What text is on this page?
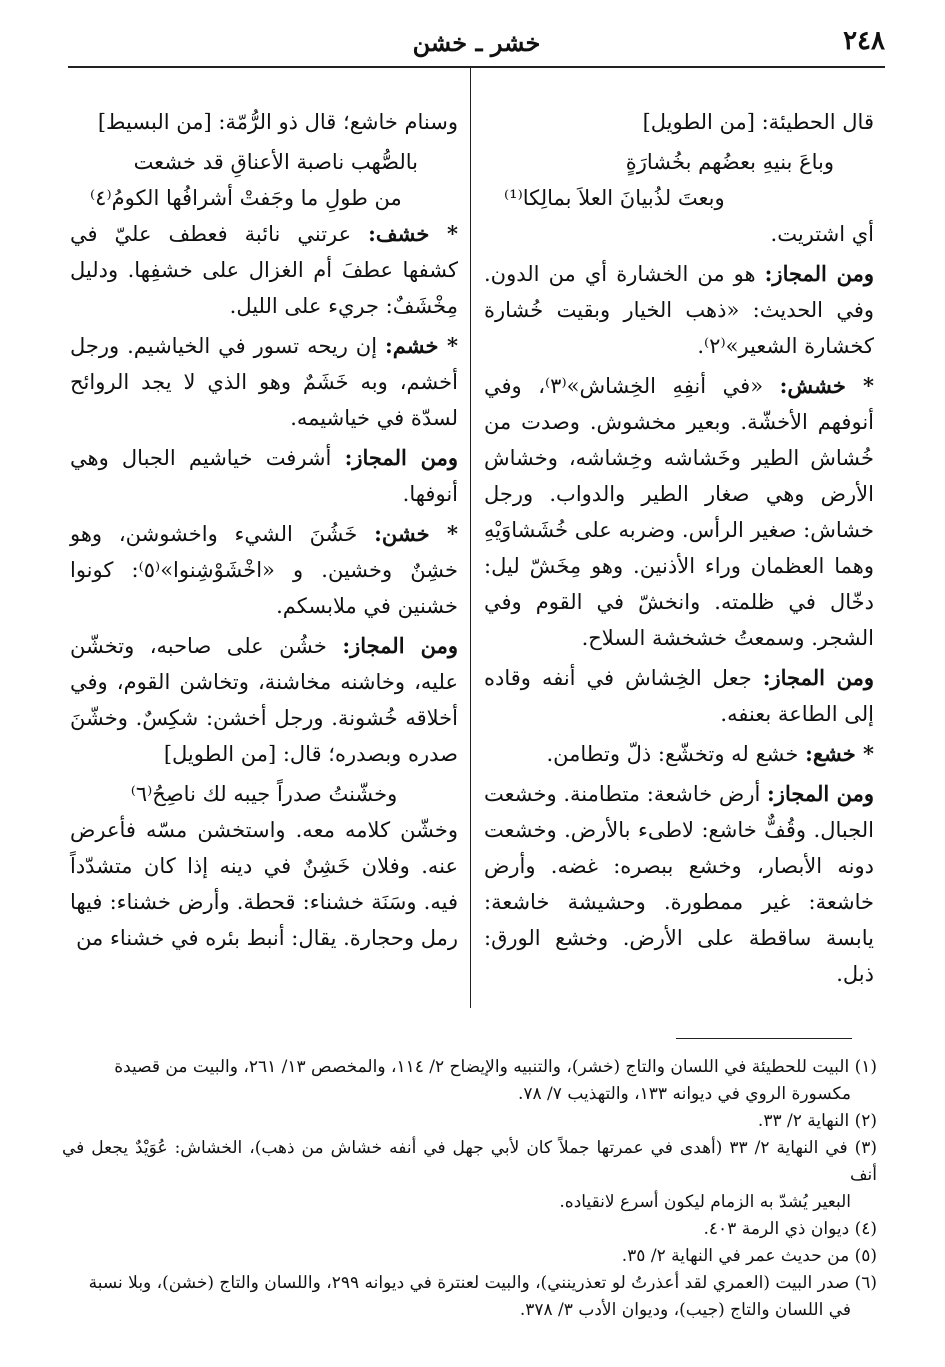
٢٤٨
خشر ـ خشن

قال الحطيئة: [من الطويل]

وباعَ بنيهِ بعضُهم بخُشارَةٍ

وبعتَ لذُبيانَ العلاَ بمالِكا⁽¹⁾

أي اشتريت.

ومن المجاز: هو من الخشارة أي من الدون. وفي الحديث: «ذهب الخيار وبقيت خُشارة كخشارة الشعير»⁽٢⁾.

* خشش: «في أنفِهِ الخِشاش»⁽٣⁾، وفي أنوفهم الأخشّة. وبعير مخشوش. وصدت من خُشاش الطير وخَشاشه وخِشاشه، وخشاش الأرض وهي صغار الطير والدواب. ورجل خشاش: صغير الرأس. وضربه على خُشَشاوَيْهِ وهما العظمان وراء الأذنين. وهو مِخَشّ ليل: دخّال في ظلمته. وانخشّ في القوم وفي الشجر. وسمعتُ خشخشة السلاح.

ومن المجاز: جعل الخِشاش في أنفه وقاده إلى الطاعة بعنفه.

* خشع: خشع له وتخشّع: ذلّ وتطامن.

ومن المجاز: أرض خاشعة: متطامنة. وخشعت الجبال. وقُفٌّ خاشع: لاطىء بالأرض. وخشعت دونه الأبصار، وخشع ببصره: غضه. وأرض خاشعة: غير ممطورة. وحشيشة خاشعة: يابسة ساقطة على الأرض. وخشع الورق: ذبل.

وسنام خاشع؛ قال ذو الرُّمّة: [من البسيط]

بالصُّهب ناصبة الأعناقِ قد خشعت

من طولِ ما وجَفتْ أشرافُها الكومُ⁽٤⁾

* خشف: عرتني نائبة فعطف عليّ في كشفها عطفَ أم الغزال على خشفِها. ودليل مِخْشَفٌ: جريء على الليل.

* خشم: إن ريحه تسور في الخياشيم. ورجل أخشم، وبه خَشَمٌ وهو الذي لا يجد الروائح لسدّة في خياشيمه.

ومن المجاز: أشرفت خياشيم الجبال وهي أنوفها.

* خشن: خَشُنَ الشيء واخشوشن، وهو خشِنٌ وخشين. و «اخْشَوْشِنوا»⁽٥⁾: كونوا خشنين في ملابسكم.

ومن المجاز: خشُن على صاحبه، وتخشّن عليه، وخاشنه مخاشنة، وتخاشن القوم، وفي أخلاقه خُشونة. ورجل أخشن: شكِسٌ. وخشّنَ صدره وبصدره؛ قال: [من الطويل]

وخشّنتُ صدراً جيبه لك ناصِحُ⁽٦⁾

وخشّن كلامه معه. واستخشن مسّه فأعرض عنه. وفلان خَشِنٌ في دينه إذا كان متشدّداً فيه. وسَنَة خشناء: قحطة. وأرض خشناء: فيها رمل وحجارة. يقال: أنبط بئره في خشناء من

(١) البيت للحطيئة في اللسان والتاج (خشر)، والتنبيه والإيضاح ٢/ ١١٤، والمخصص ١٣/ ٢٦١، والبيت من قصيدة
مكسورة الروي في ديوانه ١٣٣، والتهذيب ٧/ ٧٨.
(٢) النهاية ٢/ ٣٣.
(٣) في النهاية ٢/ ٣٣ (أهدى في عمرتها جملاً كان لأبي جهل في أنفه خشاش من ذهب)، الخشاش: عُوَيْدٌ يجعل في أنف
البعير يُشدّ به الزمام ليكون أسرع لانقياده.
(٤) ديوان ذي الرمة ٤٠٣.
(٥) من حديث عمر في النهاية ٢/ ٣٥.
(٦) صدر البيت (العمري لقد أعذرتُ لو تعذرينني)، والبيت لعنترة في ديوانه ٢٩٩، واللسان والتاج (خشن)، وبلا نسبة
في اللسان والتاج (جيب)، وديوان الأدب ٣/ ٣٧٨.
